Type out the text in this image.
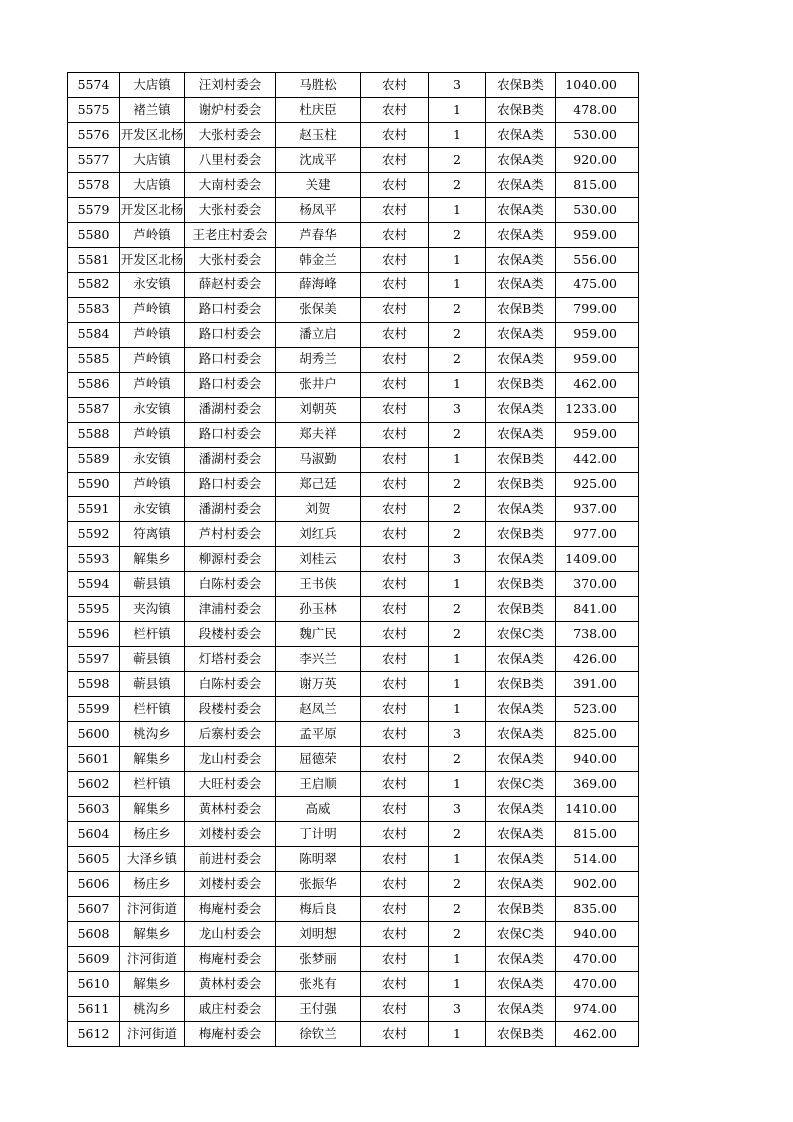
5574	大店镇	汪刘村委会	马胜松	农村	3	农保B类	1040.00
5575	褚兰镇	谢炉村委会	杜庆臣	农村	1	农保B类	478.00
5576	开发区北杨	大张村委会	赵玉柱	农村	1	农保A类	530.00
5577	大店镇	八里村委会	沈成平	农村	2	农保A类	920.00
5578	大店镇	大南村委会	关建	农村	2	农保A类	815.00
5579	开发区北杨	大张村委会	杨凤平	农村	1	农保A类	530.00
5580	芦岭镇	王老庄村委会	芦春华	农村	2	农保A类	959.00
5581	开发区北杨	大张村委会	韩金兰	农村	1	农保A类	556.00
5582	永安镇	薛赵村委会	薛海峰	农村	1	农保A类	475.00
5583	芦岭镇	路口村委会	张保美	农村	2	农保B类	799.00
5584	芦岭镇	路口村委会	潘立启	农村	2	农保A类	959.00
5585	芦岭镇	路口村委会	胡秀兰	农村	2	农保A类	959.00
5586	芦岭镇	路口村委会	张井户	农村	1	农保B类	462.00
5587	永安镇	潘湖村委会	刘朝英	农村	3	农保A类	1233.00
5588	芦岭镇	路口村委会	郑夫祥	农村	2	农保A类	959.00
5589	永安镇	潘湖村委会	马淑勤	农村	1	农保B类	442.00
5590	芦岭镇	路口村委会	郑己廷	农村	2	农保B类	925.00
5591	永安镇	潘湖村委会	刘贺	农村	2	农保A类	937.00
5592	符离镇	芦村村委会	刘红兵	农村	2	农保B类	977.00
5593	解集乡	柳源村委会	刘桂云	农村	3	农保A类	1409.00
5594	蕲县镇	白陈村委会	王书侠	农村	1	农保B类	370.00
5595	夹沟镇	津浦村委会	孙玉林	农村	2	农保B类	841.00
5596	栏杆镇	段楼村委会	魏广民	农村	2	农保C类	738.00
5597	蕲县镇	灯塔村委会	李兴兰	农村	1	农保A类	426.00
5598	蕲县镇	白陈村委会	谢万英	农村	1	农保B类	391.00
5599	栏杆镇	段楼村委会	赵凤兰	农村	1	农保A类	523.00
5600	桃沟乡	后寨村委会	孟平原	农村	3	农保A类	825.00
5601	解集乡	龙山村委会	屈德荣	农村	2	农保A类	940.00
5602	栏杆镇	大旺村委会	王启顺	农村	1	农保C类	369.00
5603	解集乡	黄林村委会	高威	农村	3	农保A类	1410.00
5604	杨庄乡	刘楼村委会	丁计明	农村	2	农保A类	815.00
5605	大泽乡镇	前进村委会	陈明翠	农村	1	农保A类	514.00
5606	杨庄乡	刘楼村委会	张振华	农村	2	农保A类	902.00
5607	汴河街道	梅庵村委会	梅后良	农村	2	农保B类	835.00
5608	解集乡	龙山村委会	刘明想	农村	2	农保C类	940.00
5609	汴河街道	梅庵村委会	张梦丽	农村	1	农保A类	470.00
5610	解集乡	黄林村委会	张兆有	农村	1	农保A类	470.00
5611	桃沟乡	戚庄村委会	王付强	农村	3	农保A类	974.00
5612	汴河街道	梅庵村委会	徐钦兰	农村	1	农保B类	462.00
